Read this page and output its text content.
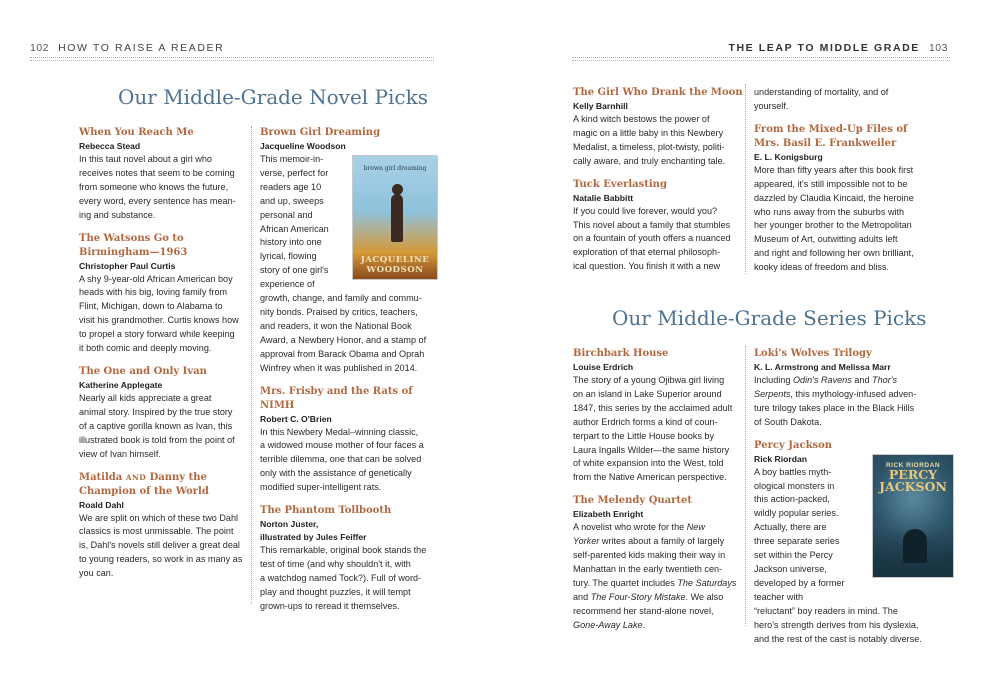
102 HOW TO RAISE A READER	THE LEAP TO MIDDLE GRADE 103
Our Middle-Grade Novel Picks
Our Middle-Grade Series Picks
When You Reach Me
Rebecca Stead
In this taut novel about a girl who
receives notes that seem to be coming
from someone who knows the future,
every word, every sentence has mean-
ing and substance.
The Watsons Go to
Birmingham—1963
Christopher Paul Curtis
A shy 9-year-old African American boy
heads with his big, loving family from
Flint, Michigan, down to Alabama to
visit his grandmother. Curtis knows how
to propel a story forward while keeping
it both comic and deeply moving.
The One and Only Ivan
Katherine Applegate
Nearly all kids appreciate a great
animal story. Inspired by the true story
of a captive gorilla known as Ivan, this
illustrated book is told from the point of
view of Ivan himself.
Matilda AND Danny the
Champion of the World
Roald Dahl
We are split on which of these two Dahl
classics is most unmissable. The point
is, Dahl's novels still deliver a great deal
to young readers, so work in as many as
you can.
Brown Girl Dreaming
Jacqueline Woodson
brown girl dreaming
JACQUELINE
WOODSON
This memoir-in-
verse, perfect for
readers age 10
and up, sweeps
personal and
African American
history into one
lyrical, flowing
story of one girl's
experience of
growth, change, and family and commu-
nity bonds. Praised by critics, teachers,
and readers, it won the National Book
Award, a Newbery Honor, and a stamp of
approval from Barack Obama and Oprah
Winfrey when it was published in 2014.
Mrs. Frisby and the Rats of
NIMH
Robert C. O'Brien
In this Newbery Medal–winning classic,
a widowed mouse mother of four faces a
terrible dilemma, one that can be solved
only with the assistance of genetically
modified super-intelligent rats.
The Phantom Tollbooth
Norton Juster,
illustrated by Jules Feiffer
This remarkable, original book stands the
test of time (and why shouldn't it, with
a watchdog named Tock?). Full of word-
play and thought puzzles, it will tempt
grown-ups to reread it themselves.
The Girl Who Drank the Moon
Kelly Barnhill
A kind witch bestows the power of
magic on a little baby in this Newbery
Medalist, a timeless, plot-twisty, politi-
cally aware, and truly enchanting tale.
Tuck Everlasting
Natalie Babbitt
If you could live forever, would you?
This novel about a family that stumbles
on a fountain of youth offers a nuanced
exploration of that eternal philosoph-
ical question. You finish it with a new
understanding of mortality, and of
yourself.
From the Mixed-Up Files of
Mrs. Basil E. Frankweiler
E. L. Konigsburg
More than fifty years after this book first
appeared, it's still impossible not to be
dazzled by Claudia Kincaid, the heroine
who runs away from the suburbs with
her younger brother to the Metropolitan
Museum of Art, outwitting adults left
and right and following her own brilliant,
kooky ideas of freedom and bliss.
Birchbark House
Louise Erdrich
The story of a young Ojibwa girl living
on an island in Lake Superior around
1847, this series by the acclaimed adult
author Erdrich forms a kind of coun-
terpart to the Little House books by
Laura Ingalls Wilder—the same history
of white expansion into the West, told
from the Native American perspective.
The Melendy Quartet
Elizabeth Enright
A novelist who wrote for the New
Yorker writes about a family of largely
self-parented kids making their way in
Manhattan in the early twentieth cen-
tury. The quartet includes The Saturdays
and The Four-Story Mistake. We also
recommend her stand-alone novel,
Gone-Away Lake.
Loki's Wolves Trilogy
K. L. Armstrong and Melissa Marr
Including Odin's Ravens and Thor's
Serpents, this mythology-infused adven-
ture trilogy takes place in the Black Hills
of South Dakota.
Percy Jackson
Rick Riordan
RICK RIORDAN
PERCY
JACKSON
A boy battles myth-
ological monsters in
this action-packed,
wildly popular series.
Actually, there are
three separate series
set within the Percy
Jackson universe,
developed by a former teacher with
“reluctant” boy readers in mind. The
hero's strength derives from his dyslexia,
and the rest of the cast is notably diverse.
